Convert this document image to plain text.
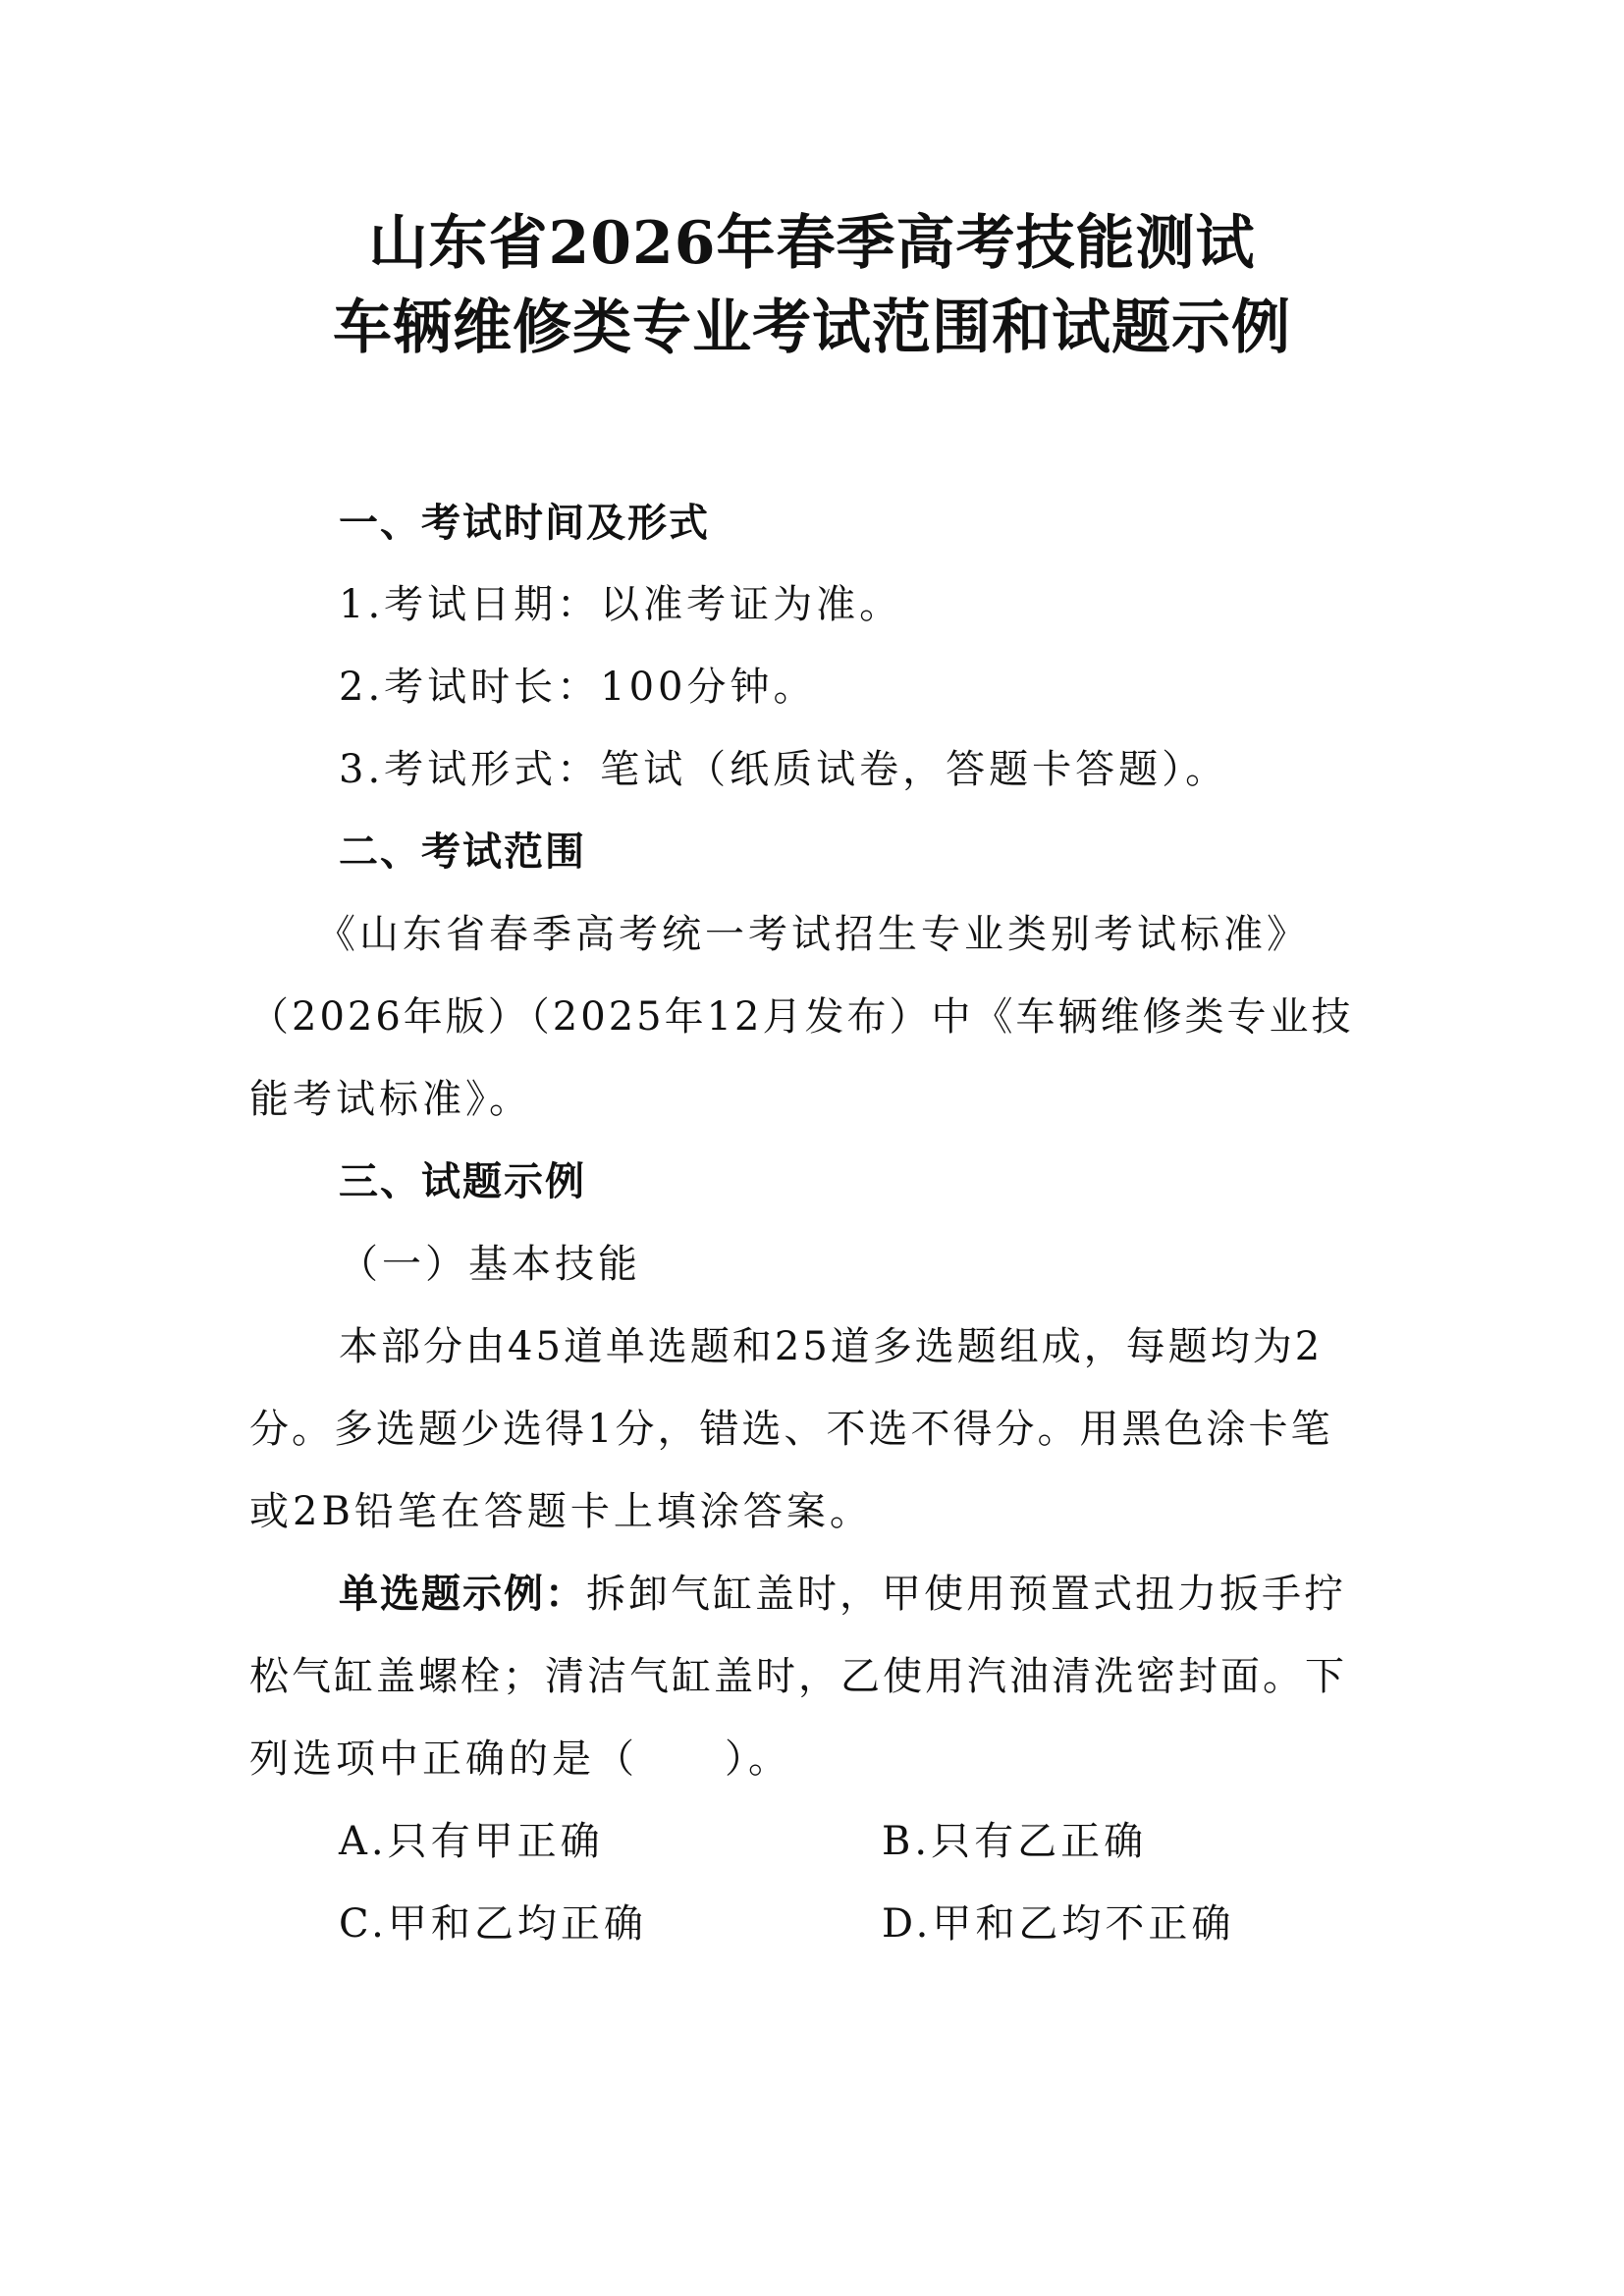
山东省2026年春季高考技能测试
车辆维修类专业考试范围和试题示例
一、考试时间及形式
1.考试日期：以准考证为准。
2.考试时长：100分钟。
3.考试形式：笔试（纸质试卷，答题卡答题）。
二、考试范围
《山东省春季高考统一考试招生专业类别考试标准》
（2026年版）（2025年12月发布）中《车辆维修类专业技
能考试标准》。
三、试题示例
（一）基本技能
本部分由45道单选题和25道多选题组成，每题均为2
分。多选题少选得1分，错选、不选不得分。用黑色涂卡笔
或2B铅笔在答题卡上填涂答案。
单选题示例：拆卸气缸盖时，甲使用预置式扭力扳手拧
松气缸盖螺栓；清洁气缸盖时，乙使用汽油清洗密封面。下
列选项中正确的是（　　）。
A.只有甲正确	B.只有乙正确
C.甲和乙均正确	D.甲和乙均不正确
